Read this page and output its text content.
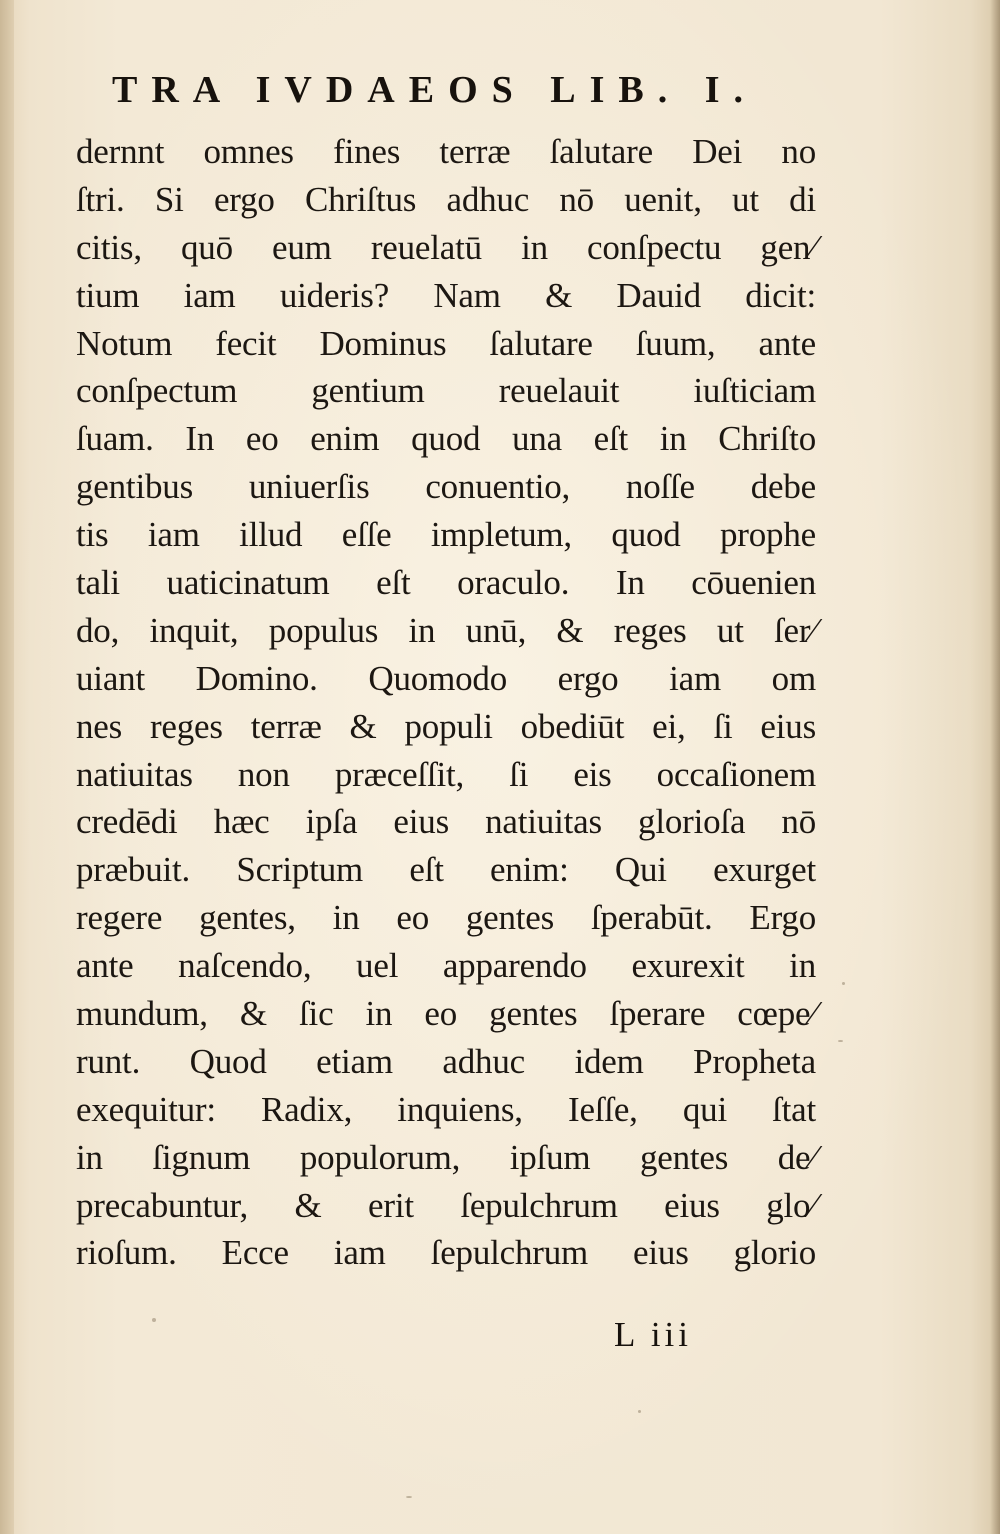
TRA IVDAEOS LIB. I.
dernnt omnes fines terræ ſalutare Dei no
ſtri. Si ergo Chriſtus adhuc nō uenit, ut di
citis, quō eum reuelatū in conſpectu gen⁄
tium iam uideris? Nam & Dauid dicit:
Notum fecit Dominus ſalutare ſuum, ante
conſpectum gentium reuelauit iuſticiam
ſuam. In eo enim quod una eſt in Chriſto
gentibus uniuerſis conuentio, noſſe debe
tis iam illud eſſe impletum, quod prophe
tali uaticinatum eſt oraculo. In cōuenien
do, inquit, populus in unū, & reges ut ſer⁄
uiant Domino. Quomodo ergo iam om
nes reges terræ & populi obediūt ei, ſi eius
natiuitas non præceſſit, ſi eis occaſionem
credēdi hæc ipſa eius natiuitas glorioſa nō
præbuit. Scriptum eſt enim: Qui exurget
regere gentes, in eo gentes ſperabūt. Ergo
ante naſcendo, uel apparendo exurexit in
mundum, & ſic in eo gentes ſperare cœpe⁄
runt. Quod etiam adhuc idem Propheta
exequitur: Radix, inquiens, Ieſſe, qui ſtat
in ſignum populorum, ipſum gentes de⁄
precabuntur, & erit ſepulchrum eius glo⁄
rioſum. Ecce iam ſepulchrum eius glorio
L iii
